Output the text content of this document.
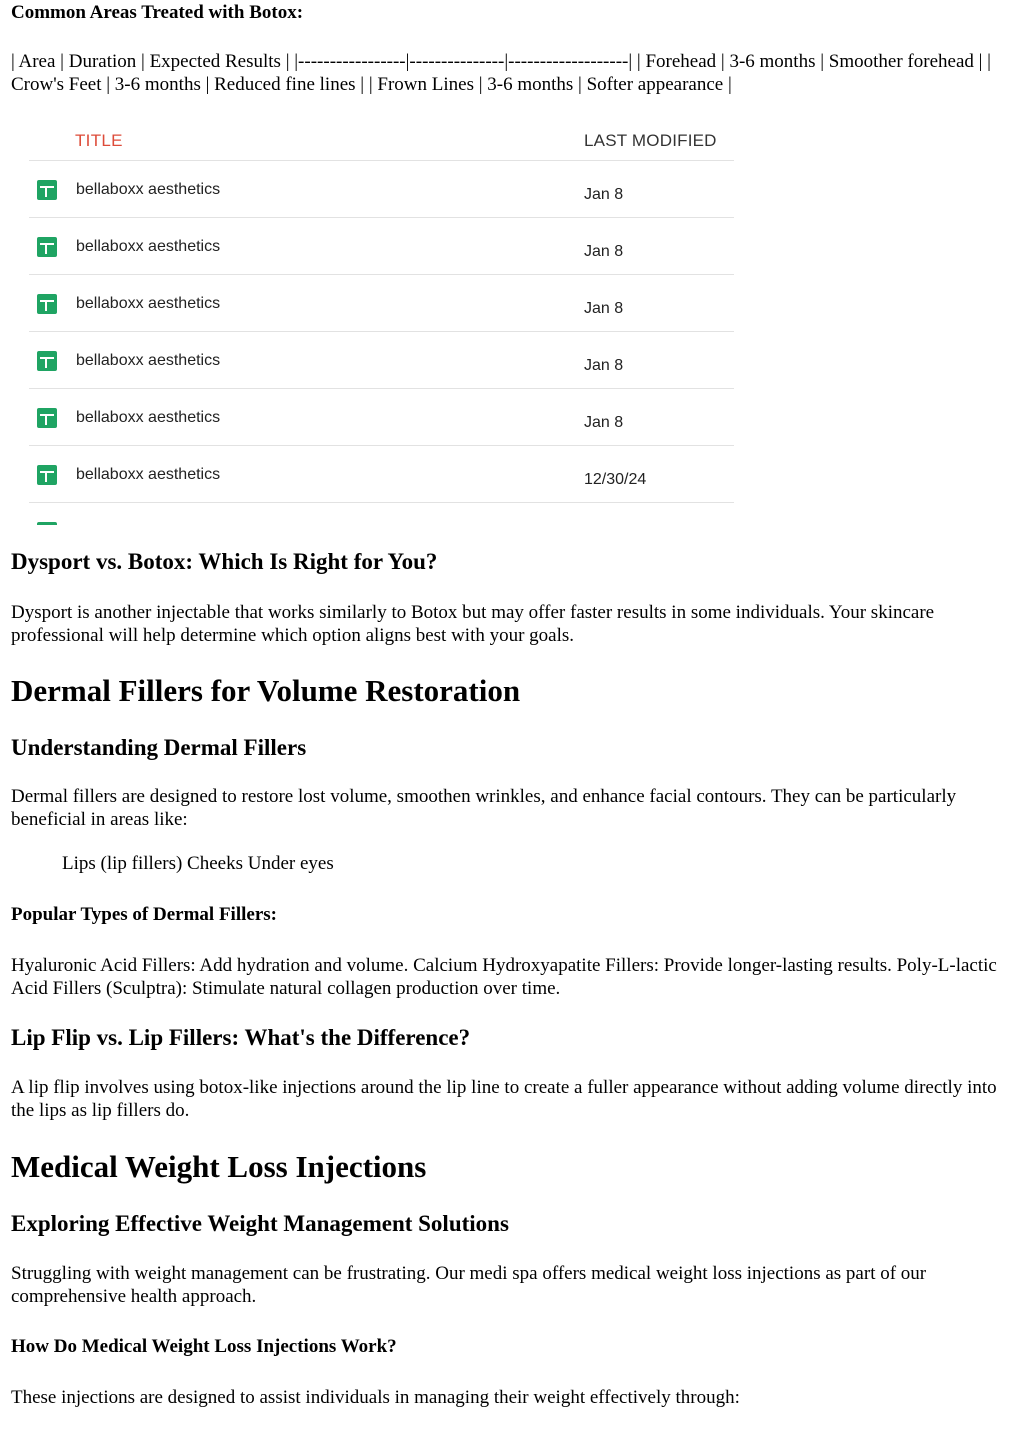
Common Areas Treated with Botox:

| Area | Duration | Expected Results | |-----------------|---------------|-------------------| | Forehead | 3-6 months | Smoother forehead | | Crow's Feet | 3-6 months | Reduced fine lines | | Frown Lines | 3-6 months | Softer appearance |

Dysport vs. Botox: Which Is Right for You?

Dysport is another injectable that works similarly to Botox but may offer faster results in some individuals. Your skincare professional will help determine which option aligns best with your goals.

Dermal Fillers for Volume Restoration
Understanding Dermal Fillers

Dermal fillers are designed to restore lost volume, smoothen wrinkles, and enhance facial contours. They can be particularly beneficial in areas like:

Lips (lip fillers) Cheeks Under eyes

Popular Types of Dermal Fillers:

Hyaluronic Acid Fillers: Add hydration and volume. Calcium Hydroxyapatite Fillers: Provide longer-lasting results. Poly-L-lactic Acid Fillers (Sculptra): Stimulate natural collagen production over time.

Lip Flip vs. Lip Fillers: What's the Difference?

A lip flip involves using botox-like injections around the lip line to create a fuller appearance without adding volume directly into the lips as lip fillers do.

Medical Weight Loss Injections
Exploring Effective Weight Management Solutions

Struggling with weight management can be frustrating. Our medi spa offers medical weight loss injections as part of our comprehensive health approach.

How Do Medical Weight Loss Injections Work?

These injections are designed to assist individuals in managing their weight effectively through:

TITLE	LAST MODIFIED
bellaboxx aesthetics	Jan 8
bellaboxx aesthetics	Jan 8
bellaboxx aesthetics	Jan 8
bellaboxx aesthetics	Jan 8
bellaboxx aesthetics	Jan 8
bellaboxx aesthetics	12/30/24
